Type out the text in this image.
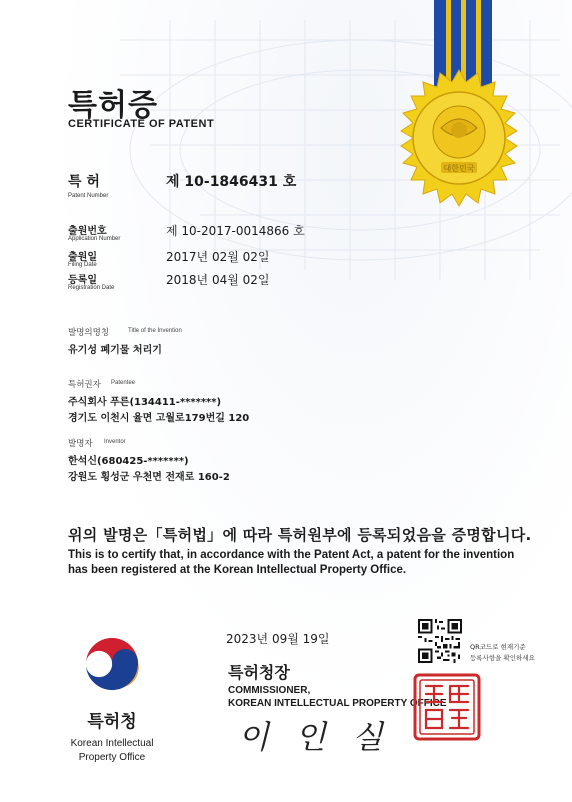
대한민국
특허증
CERTIFICATE OF PATENT
특 허
Patent Number
제 10-1846431 호
출원번호
Application Number
제 10-2017-0014866 호
출원일
Filing Date
2017년 02월 02일
등록일
Registration Date
2018년 04월 02일
발명의명칭	Title of the Invention
유기성 폐기물 처리기
특허권자 Patentee
주식회사 푸른(134411-*******)
경기도 이천시 율면 고월로179번길 120
발명자 Inventor
한석신(680425-*******)
강원도 횡성군 우천면 전재로 160-2
위의 발명은「특허법」에 따라 특허원부에 등록되었음을 증명합니다.
This is to certify that, in accordance with the Patent Act, a patent for the invention
has been registered at the Korean Intellectual Property Office.
2023년 09월 19일
QR코드로 현재기준
등록사항을 확인하세요
특허청
Korean Intellectual
Property Office
특허청장
COMMISSIONER,
KOREAN INTELLECTUAL PROPERTY OFFICE
이인실
